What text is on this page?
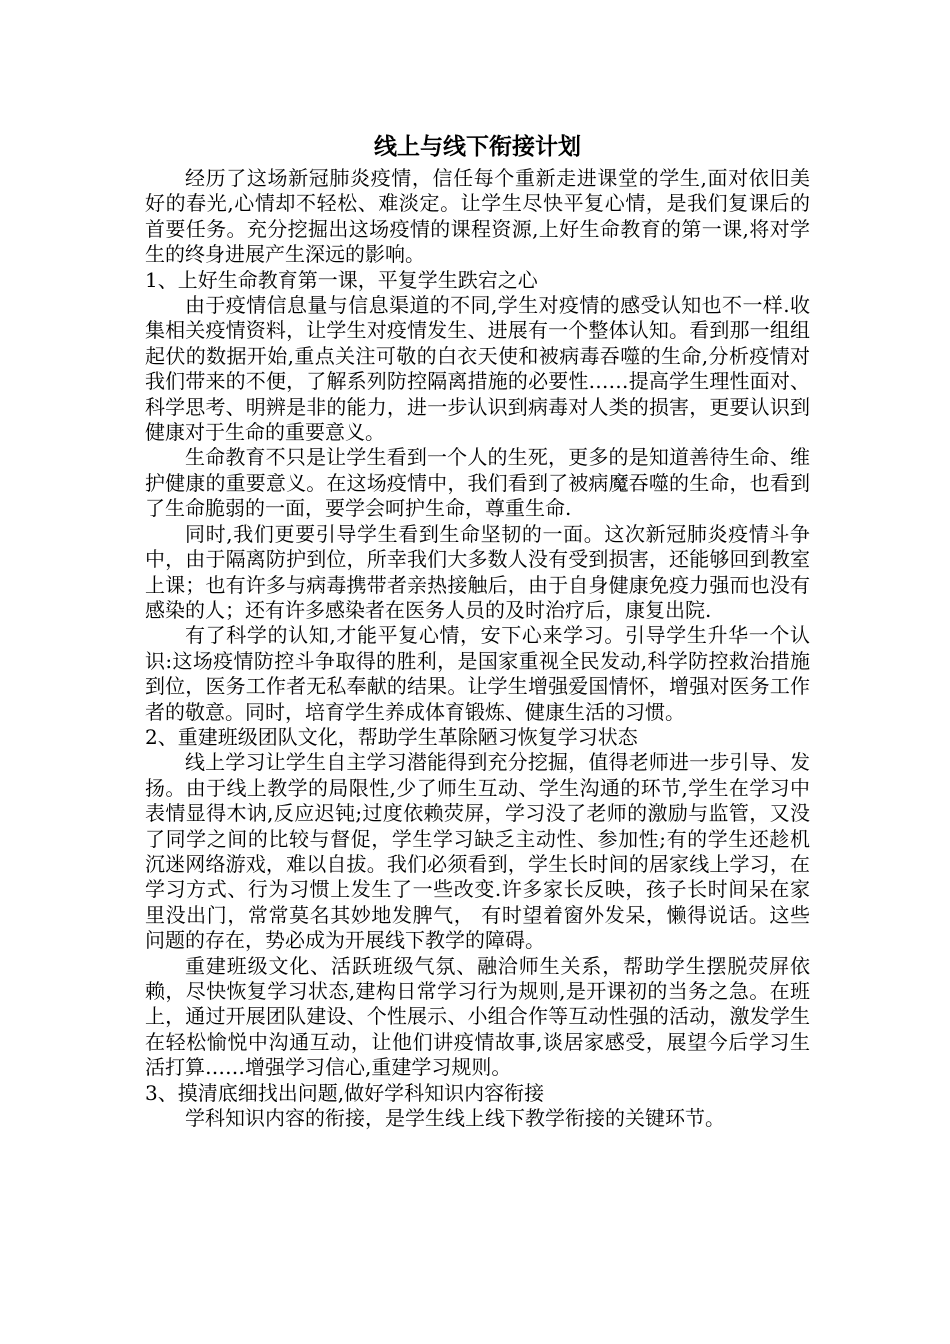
线上与线下衔接计划

经历了这场新冠肺炎疫情，信任每个重新走进课堂的学生,面对依旧美好的春光,心情却不轻松、难淡定。让学生尽快平复心情，是我们复课后的首要任务。充分挖掘出这场疫情的课程资源,上好生命教育的第一课,将对学生的终身进展产生深远的影响。

1、上好生命教育第一课，平复学生跌宕之心

由于疫情信息量与信息渠道的不同,学生对疫情的感受认知也不一样.收集相关疫情资料，让学生对疫情发生、进展有一个整体认知。看到那一组组起伏的数据开始,重点关注可敬的白衣天使和被病毒吞噬的生命,分析疫情对我们带来的不便，了解系列防控隔离措施的必要性……提高学生理性面对、科学思考、明辨是非的能力，进一步认识到病毒对人类的损害，更要认识到健康对于生命的重要意义。

生命教育不只是让学生看到一个人的生死，更多的是知道善待生命、维护健康的重要意义。在这场疫情中，我们看到了被病魔吞噬的生命，也看到了生命脆弱的一面，要学会呵护生命，尊重生命.

同时,我们更要引导学生看到生命坚韧的一面。这次新冠肺炎疫情斗争中，由于隔离防护到位，所幸我们大多数人没有受到损害，还能够回到教室上课；也有许多与病毒携带者亲热接触后，由于自身健康免疫力强而也没有感染的人；还有许多感染者在医务人员的及时治疗后，康复出院.

有了科学的认知,才能平复心情，安下心来学习。引导学生升华一个认识:这场疫情防控斗争取得的胜利，是国家重视全民发动,科学防控救治措施到位，医务工作者无私奉献的结果。让学生增强爱国情怀，增强对医务工作者的敬意。同时，培育学生养成体育锻炼、健康生活的习惯。

2、重建班级团队文化，帮助学生革除陋习恢复学习状态

线上学习让学生自主学习潜能得到充分挖掘，值得老师进一步引导、发扬。由于线上教学的局限性,少了师生互动、学生沟通的环节,学生在学习中表情显得木讷,反应迟钝;过度依赖荧屏，学习没了老师的激励与监管，又没了同学之间的比较与督促，学生学习缺乏主动性、参加性;有的学生还趁机沉迷网络游戏，难以自拔。我们必须看到，学生长时间的居家线上学习，在学习方式、行为习惯上发生了一些改变.许多家长反映，孩子长时间呆在家里没出门，常常莫名其妙地发脾气， 有时望着窗外发呆，懒得说话。这些问题的存在，势必成为开展线下教学的障碍。

重建班级文化、活跃班级气氛、融洽师生关系，帮助学生摆脱荧屏依赖，尽快恢复学习状态,建构日常学习行为规则,是开课初的当务之急。在班上，通过开展团队建设、个性展示、小组合作等互动性强的活动，激发学生在轻松愉悦中沟通互动，让他们讲疫情故事,谈居家感受，展望今后学习生活打算……增强学习信心,重建学习规则。

3、摸清底细找出问题,做好学科知识内容衔接

学科知识内容的衔接，是学生线上线下教学衔接的关键环节。
